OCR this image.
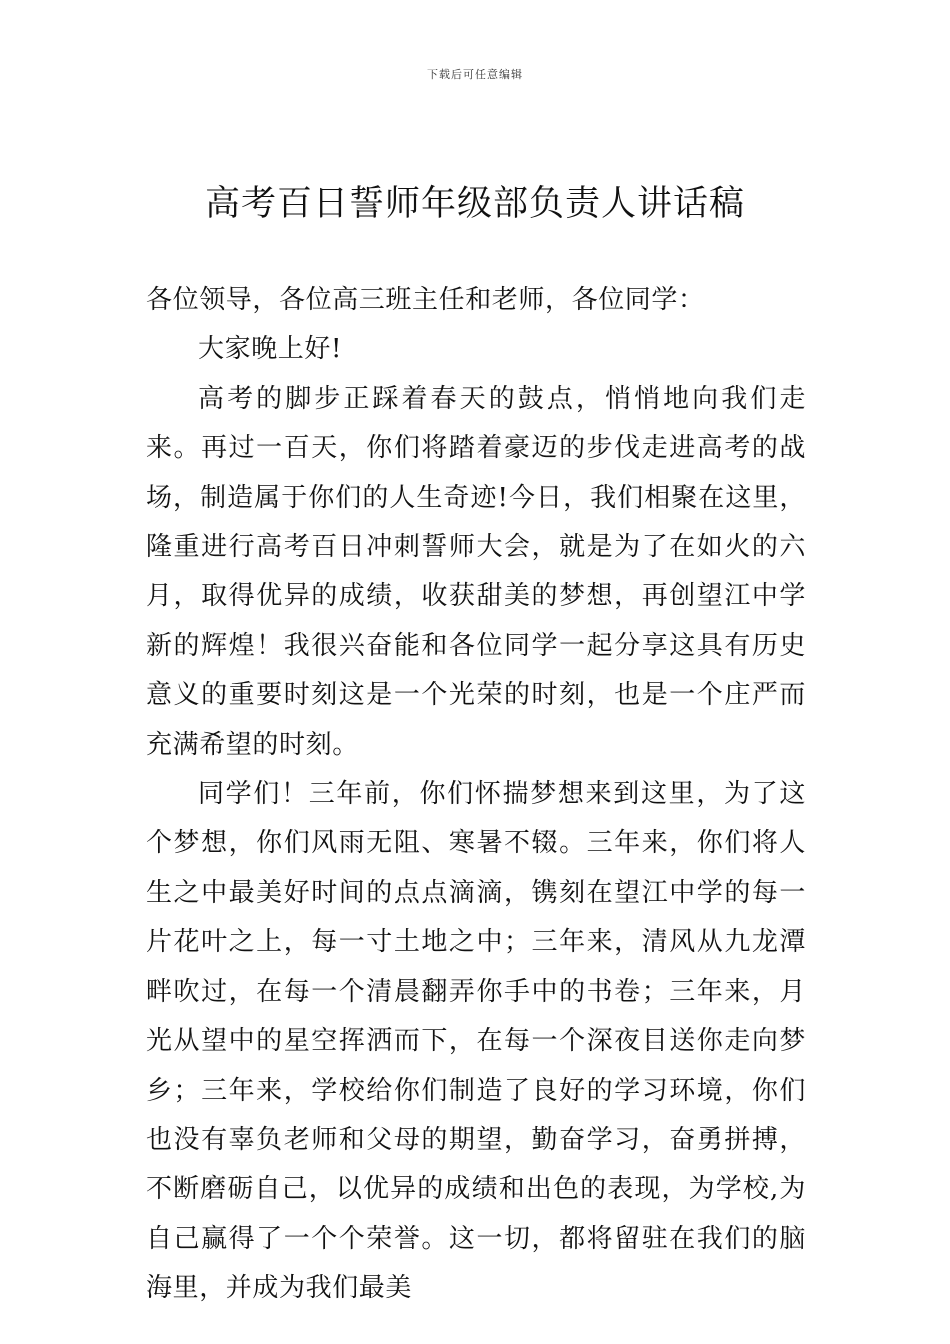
下载后可任意编辑
高考百日誓师年级部负责人讲话稿

各位领导，各位高三班主任和老师，各位同学：

大家晚上好!

高考的脚步正踩着春天的鼓点，悄悄地向我们走来。再过一百天，你们将踏着豪迈的步伐走进高考的战场，制造属于你们的人生奇迹!今日，我们相聚在这里，隆重进行高考百日冲刺誓师大会，就是为了在如火的六月，取得优异的成绩，收获甜美的梦想，再创望江中学新的辉煌！我很兴奋能和各位同学一起分享这具有历史意义的重要时刻这是一个光荣的时刻，也是一个庄严而充满希望的时刻。

同学们！三年前，你们怀揣梦想来到这里，为了这个梦想，你们风雨无阻、寒暑不辍。三年来，你们将人生之中最美好时间的点点滴滴，镌刻在望江中学的每一片花叶之上，每一寸土地之中；三年来，清风从九龙潭畔吹过，在每一个清晨翻弄你手中的书卷；三年来，月光从望中的星空挥洒而下，在每一个深夜目送你走向梦乡；三年来，学校给你们制造了良好的学习环境，你们也没有辜负老师和父母的期望，勤奋学习，奋勇拼搏，不断磨砺自己，以优异的成绩和出色的表现，为学校,为自己赢得了一个个荣誉。这一切，都将留驻在我们的脑海里，并成为我们最美
